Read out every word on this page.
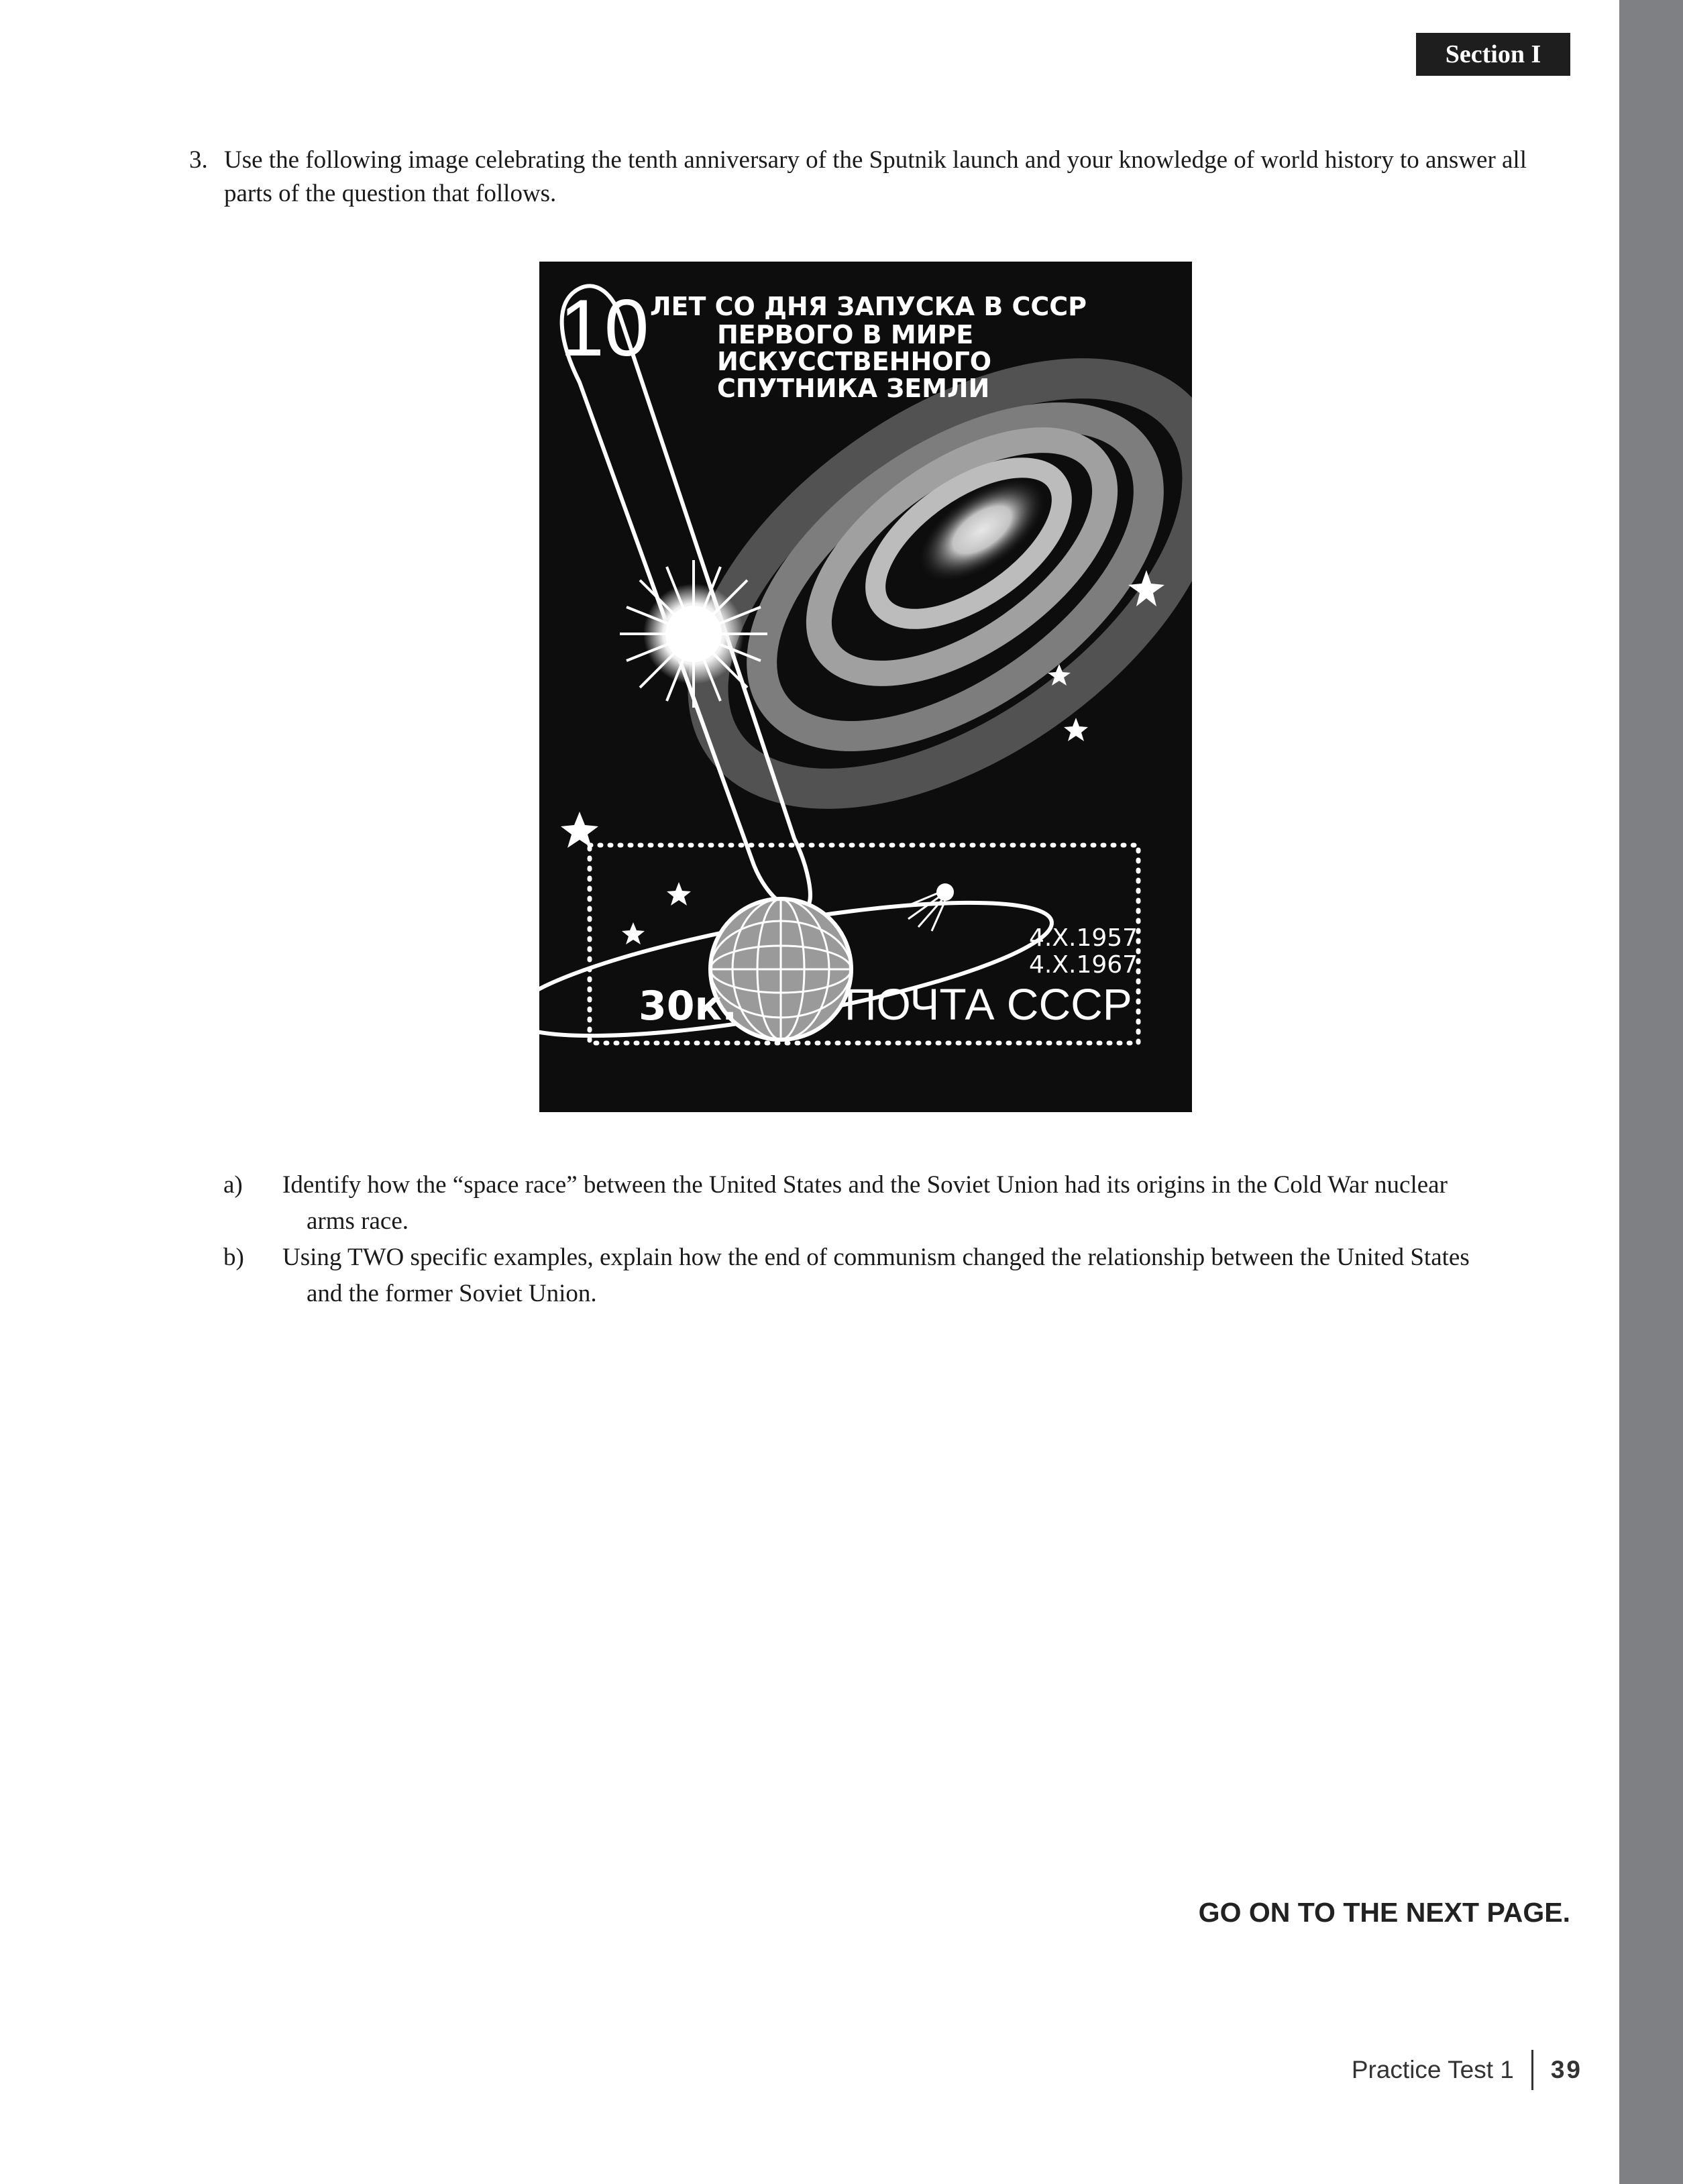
Section I
3. Use the following image celebrating the tenth anniversary of the Sputnik launch and your knowledge of world history to answer all parts of the question that follows.
10 ЛЕТ СО ДНЯ ЗАПУСКА В СССР
ПЕРВОГО В МИРЕ
ИСКУССТВЕННОГО
СПУТНИКА ЗЕМЛИ
4.X.1957
4.X.1967
30к. ПОЧТА СССР
a) Identify how the “space race” between the United States and the Soviet Union had its origins in the Cold War nuclear
arms race.
b) Using TWO specific examples, explain how the end of communism changed the relationship between the United States
and the former Soviet Union.
GO ON TO THE NEXT PAGE.
Practice Test 1	39
